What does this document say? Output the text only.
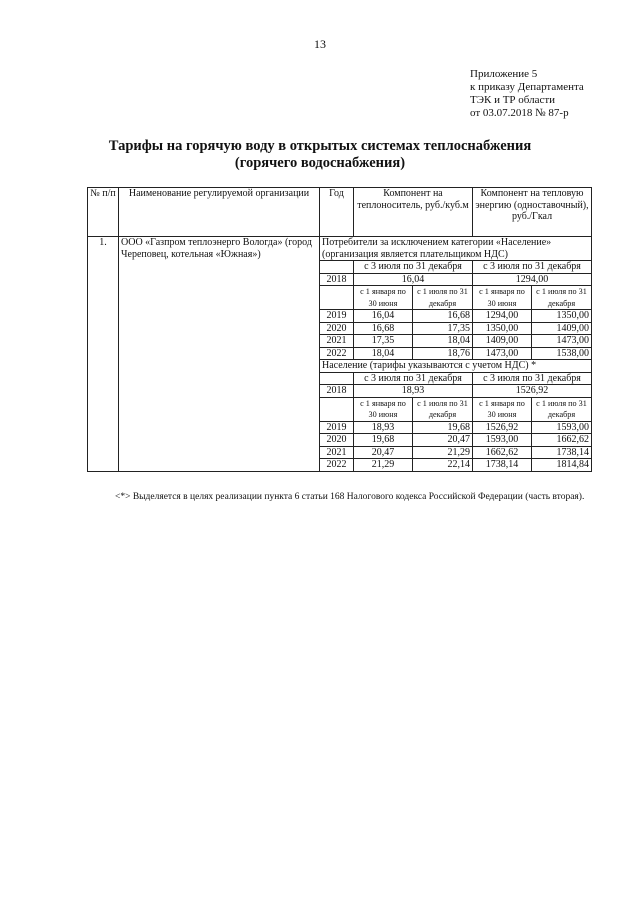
13
Приложение 5
к приказу Департамента
ТЭК и ТР области
от 03.07.2018 № 87-р
Тарифы на горячую воду в открытых системах теплоснабжения
(горячего водоснабжения)
№ п/п	Наименование регулируемой организации	Год	Компонент на теплоноситель, руб./куб.м		Компонент на тепловую энергию (одноставочный), руб./Гкал	
1.	ООО «Газпром теплоэнерго Вологда» (город Череповец, котельная «Южная»)	Потребители за исключением категории «Население» (организация является плательщиком НДС)				
			с 3 июля по 31 декабря		с 3 июля по 31 декабря	
		2018	16,04		1294,00	
			с 1 января по 30 июня	с 1 июля по 31 декабря	с 1 января по 30 июня	с 1 июля по 31 декабря
		2019	16,04	16,68	1294,00	1350,00
		2020	16,68	17,35	1350,00	1409,00
		2021	17,35	18,04	1409,00	1473,00
		2022	18,04	18,76	1473,00	1538,00
		Население (тарифы указываются с учетом НДС) *				
			с 3 июля по 31 декабря		с 3 июля по 31 декабря	
		2018	18,93		1526,92	
			с 1 января по 30 июня	с 1 июля по 31 декабря	с 1 января по 30 июня	с 1 июля по 31 декабря
		2019	18,93	19,68	1526,92	1593,00
		2020	19,68	20,47	1593,00	1662,62
		2021	20,47	21,29	1662,62	1738,14
		2022	21,29	22,14	1738,14	1814,84
<*> Выделяется в целях реализации пункта 6 статьи 168 Налогового кодекса Российской Федерации (часть вторая).
